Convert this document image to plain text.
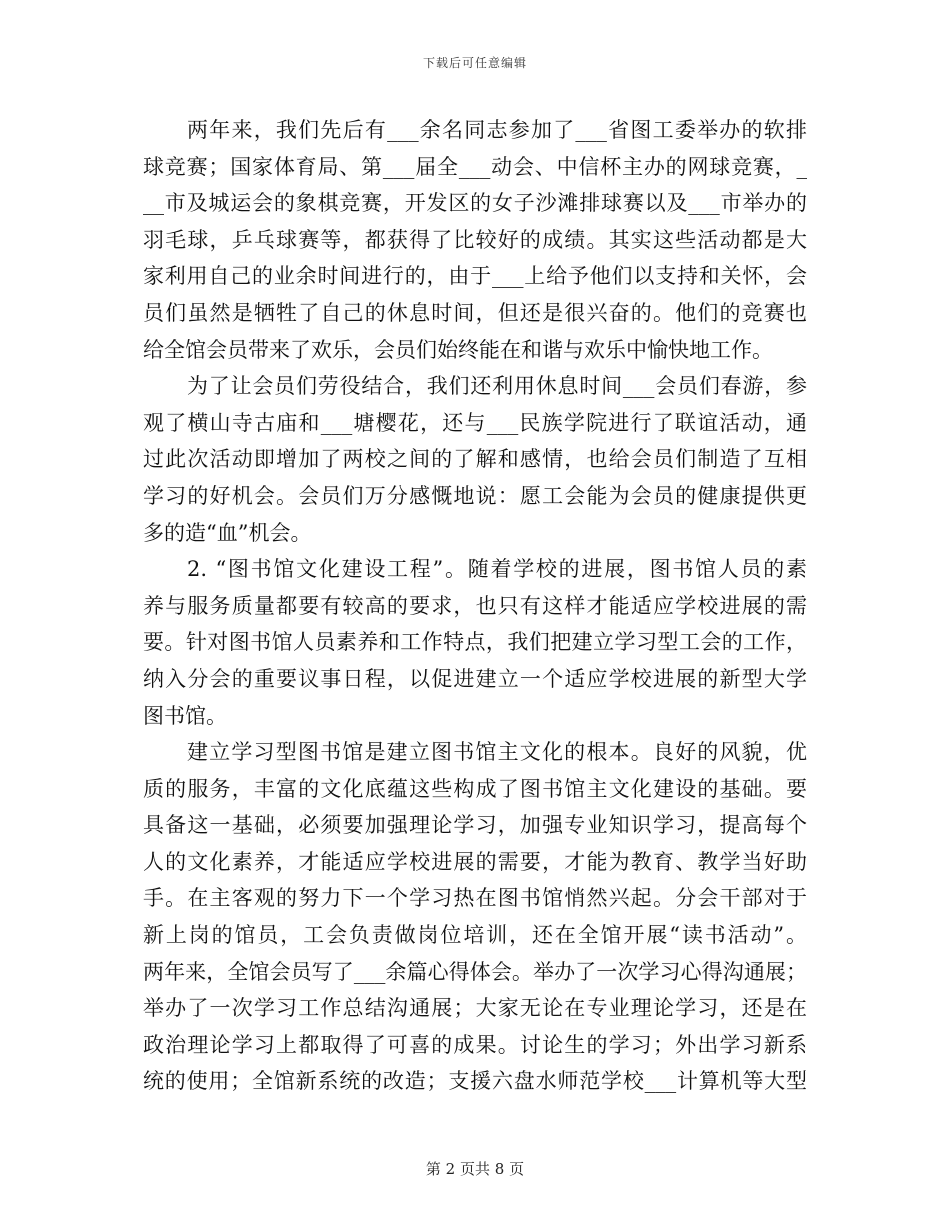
下载后可任意编辑
两年来，我们先后有___余名同志参加了___省图工委举办的软排
球竞赛；国家体育局、第___届全___动会、中信杯主办的网球竞赛，_
__市及城运会的象棋竞赛，开发区的女子沙滩排球赛以及___市举办的
羽毛球，乒乓球赛等，都获得了比较好的成绩。其实这些活动都是大
家利用自己的业余时间进行的，由于___上给予他们以支持和关怀，会
员们虽然是牺牲了自己的休息时间，但还是很兴奋的。他们的竞赛也
给全馆会员带来了欢乐，会员们始终能在和谐与欢乐中愉快地工作。
为了让会员们劳役结合，我们还利用休息时间___会员们春游，参
观了横山寺古庙和___塘樱花，还与___民族学院进行了联谊活动，通
过此次活动即增加了两校之间的了解和感情，也给会员们制造了互相
学习的好机会。会员们万分感慨地说：愿工会能为会员的健康提供更
多的造“血”机会。
2. “图书馆文化建设工程”。随着学校的进展，图书馆人员的素
养与服务质量都要有较高的要求，也只有这样才能适应学校进展的需
要。针对图书馆人员素养和工作特点，我们把建立学习型工会的工作，
纳入分会的重要议事日程，以促进建立一个适应学校进展的新型大学
图书馆。
建立学习型图书馆是建立图书馆主文化的根本。良好的风貌，优
质的服务，丰富的文化底蕴这些构成了图书馆主文化建设的基础。要
具备这一基础，必须要加强理论学习，加强专业知识学习，提高每个
人的文化素养，才能适应学校进展的需要，才能为教育、教学当好助
手。在主客观的努力下一个学习热在图书馆悄然兴起。分会干部对于
新上岗的馆员，工会负责做岗位培训，还在全馆开展“读书活动”。
两年来，全馆会员写了___余篇心得体会。举办了一次学习心得沟通展；
举办了一次学习工作总结沟通展；大家无论在专业理论学习，还是在
政治理论学习上都取得了可喜的成果。讨论生的学习；外出学习新系
统的使用；全馆新系统的改造；支援六盘水师范学校___计算机等大型
第 2 页共 8 页
